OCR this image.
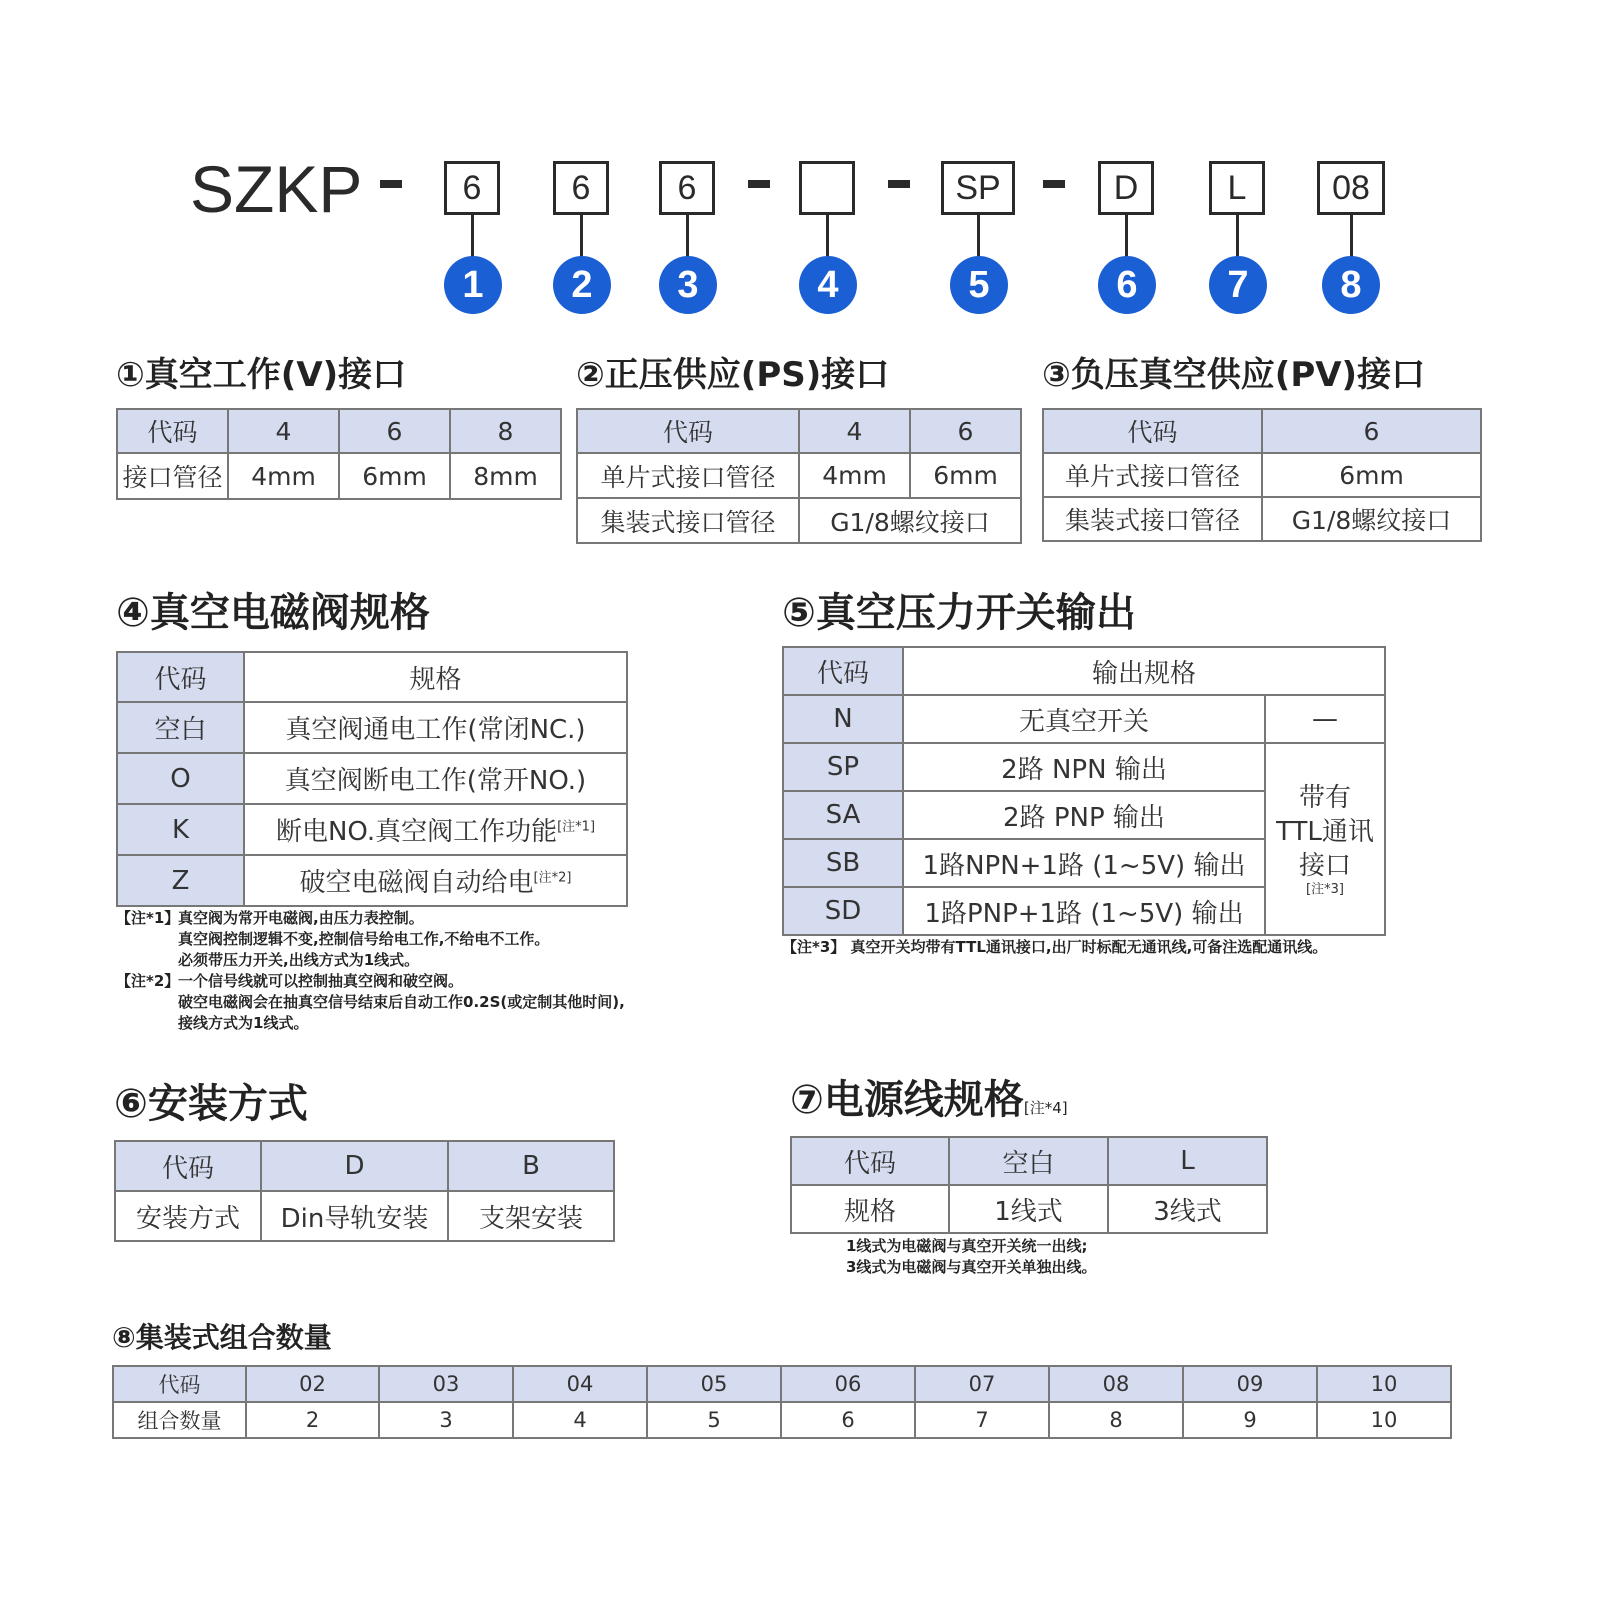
SZKP	6	6	6	SP	D	L	08
1	2	3	4	5	6	7	8
①真空工作(V)接口
代码	4	6	8
接口管径	4mm	6mm	8mm
②正压供应(PS)接口
代码	4	6
单片式接口管径	4mm	6mm
集装式接口管径	G1/8螺纹接口	
③负压真空供应(PV)接口
代码	6
单片式接口管径	6mm
集装式接口管径	G1/8螺纹接口
④真空电磁阀规格
代码	规格
空白	真空阀通电工作(常闭NC.)
O	真空阀断电工作(常开NO.)
K	断电NO.真空阀工作功能[注*1]
Z	破空电磁阀自动给电[注*2]
【注*1】真空阀为常开电磁阀,由压力表控制。
真空阀控制逻辑不变,控制信号给电工作,不给电不工作。
必须带压力开关,出线方式为1线式。
【注*2】一个信号线就可以控制抽真空阀和破空阀。
破空电磁阀会在抽真空信号结束后自动工作0.2S(或定制其他时间),
接线方式为1线式。
⑤真空压力开关输出
代码	输出规格	
N	无真空开关	—
SP	2路 NPN 输出	带有
TTL通讯
接口
[注*3]

SA	2路 PNP 输出	
SB	1路NPN+1路 (1~5V) 输出	
SD	1路PNP+1路 (1~5V) 输出	
【注*3】 真空开关均带有TTL通讯接口,出厂时标配无通讯线,可备注选配通讯线。
⑥安装方式
代码	D	B
安装方式	Din导轨安装	支架安装
⑦电源线规格[注*4]
代码	空白	L
规格	1线式	3线式
1线式为电磁阀与真空开关统一出线;
3线式为电磁阀与真空开关单独出线。
⑧集装式组合数量
代码	02	03	04	05	06	07	08	09	10
组合数量	2	3	4	5	6	7	8	9	10
